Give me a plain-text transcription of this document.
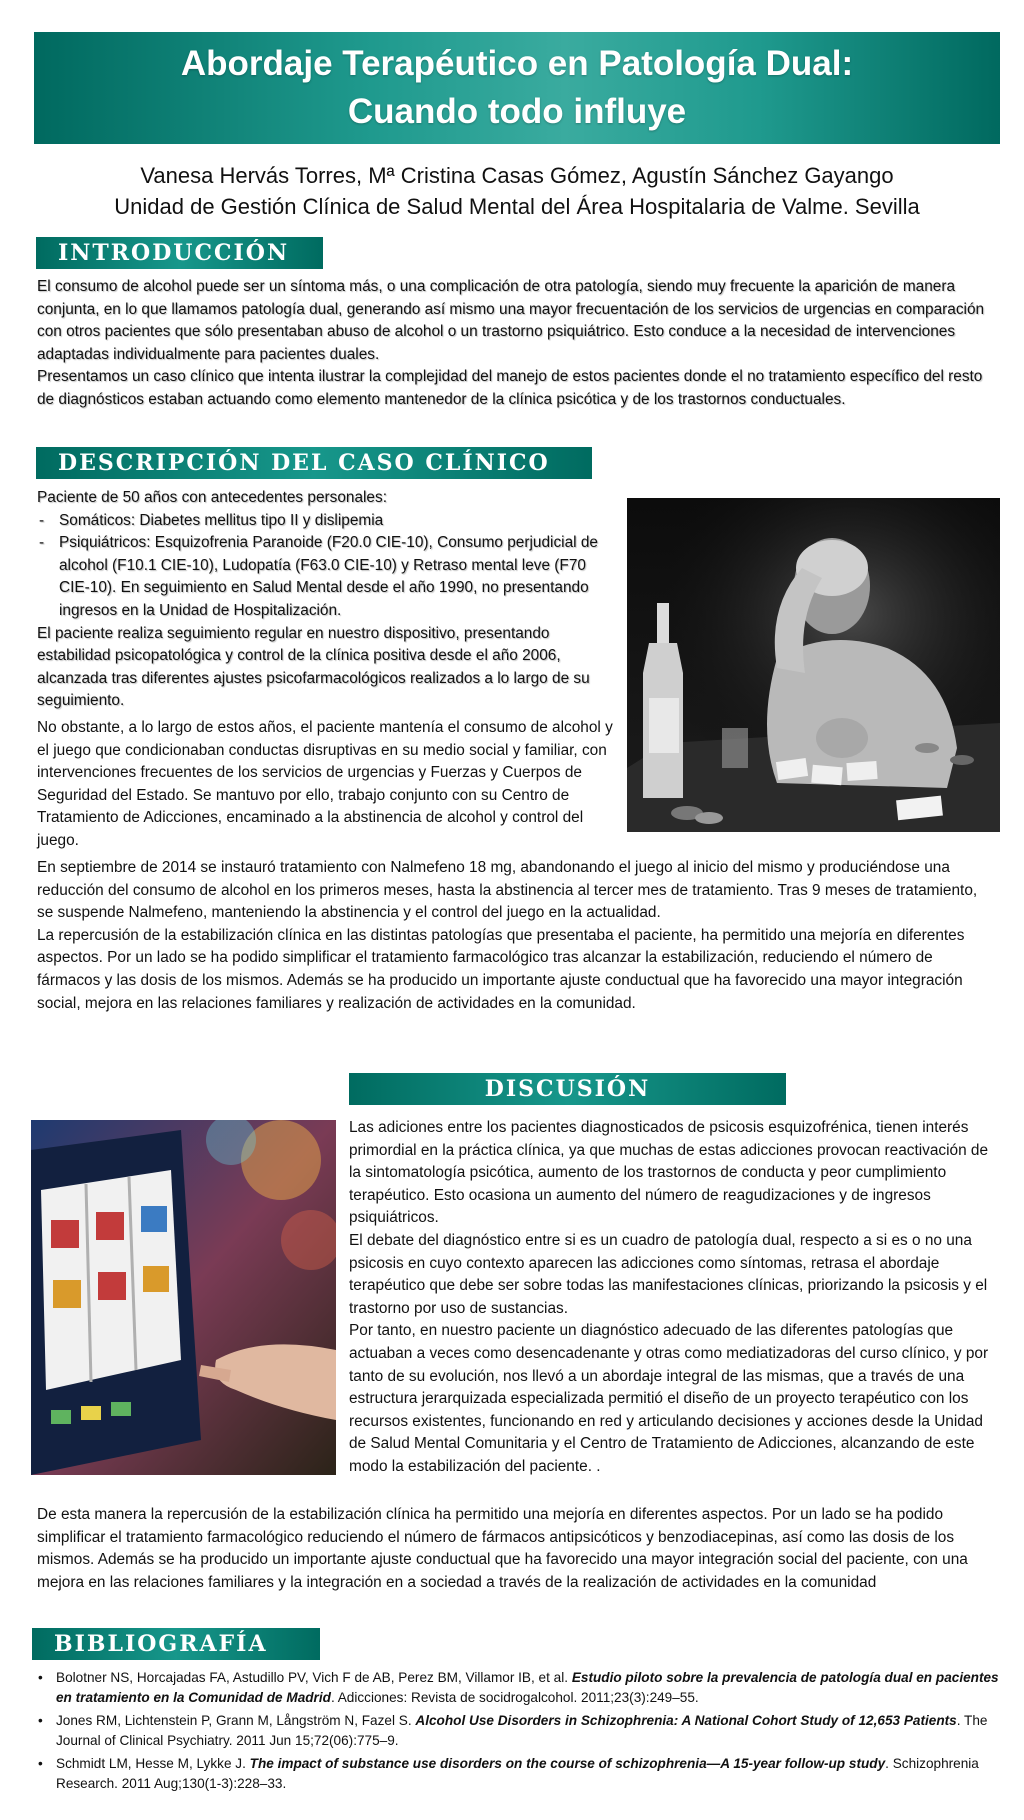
Abordaje Terapéutico en Patología Dual:
Cuando todo influye
Vanesa Hervás Torres, Mª Cristina Casas Gómez, Agustín Sánchez Gayango
Unidad de Gestión Clínica de Salud Mental del Área Hospitalaria de Valme. Sevilla
INTRODUCCIÓN

El consumo de alcohol puede ser un síntoma más, o una complicación de otra patología, siendo muy frecuente la aparición de manera conjunta, en lo que llamamos patología dual, generando así mismo una mayor frecuentación de los servicios de urgencias en comparación con otros pacientes que sólo presentaban abuso de alcohol o un trastorno psiquiátrico. Esto conduce a la necesidad de intervenciones adaptadas individualmente para pacientes duales.

Presentamos un caso clínico que intenta ilustrar la complejidad del manejo de estos pacientes donde el no tratamiento específico del resto de diagnósticos estaban actuando como elemento mantenedor de la clínica psicótica y de los trastornos conductuales.

DESCRIPCIÓN DEL CASO CLÍNICO

Paciente de 50 años con antecedentes personales:

- Somáticos: Diabetes mellitus tipo II y dislipemia
- Psiquiátricos: Esquizofrenia Paranoide (F20.0 CIE-10), Consumo perjudicial de alcohol (F10.1 CIE-10), Ludopatía (F63.0 CIE-10) y Retraso mental leve (F70 CIE-10). En seguimiento en Salud Mental desde el año 1990, no presentando ingresos en la Unidad de Hospitalización.

El paciente realiza seguimiento regular en nuestro dispositivo, presentando estabilidad psicopatológica y control de la clínica positiva desde el año 2006, alcanzada tras diferentes ajustes psicofarmacológicos realizados a lo largo de su seguimiento.

No obstante, a lo largo de estos años, el paciente mantenía el consumo de alcohol y el juego que condicionaban conductas disruptivas en su medio social y familiar, con intervenciones frecuentes de los servicios de urgencias y Fuerzas y Cuerpos de Seguridad del Estado. Se mantuvo por ello, trabajo conjunto con su Centro de Tratamiento de Adicciones, encaminado a la abstinencia de alcohol y control del juego.

En septiembre de 2014 se instauró tratamiento con Nalmefeno 18 mg, abandonando el juego al inicio del mismo y produciéndose una reducción del consumo de alcohol en los primeros meses, hasta la abstinencia al tercer mes de tratamiento. Tras 9 meses de tratamiento, se suspende Nalmefeno, manteniendo la abstinencia y el control del juego en la actualidad.

La repercusión de la estabilización clínica en las distintas patologías que presentaba el paciente, ha permitido una mejoría en diferentes aspectos. Por un lado se ha podido simplificar el tratamiento farmacológico tras alcanzar la estabilización, reduciendo el número de fármacos y las dosis de los mismos. Además se ha producido un importante ajuste conductual que ha favorecido una mayor integración social, mejora en las relaciones familiares y realización de actividades en la comunidad.

DISCUSIÓN

Las adiciones entre los pacientes diagnosticados de psicosis esquizofrénica, tienen interés primordial en la práctica clínica, ya que muchas de estas adicciones provocan reactivación de la sintomatología psicótica, aumento de los trastornos de conducta y peor cumplimiento terapéutico. Esto ocasiona un aumento del número de reagudizaciones y de ingresos psiquiátricos.

El debate del diagnóstico entre si es un cuadro de patología dual, respecto a si es o no una psicosis en cuyo contexto aparecen las adicciones como síntomas, retrasa el abordaje terapéutico que debe ser sobre todas las manifestaciones clínicas, priorizando la psicosis y el trastorno por uso de sustancias.

Por tanto, en nuestro paciente un diagnóstico adecuado de las diferentes patologías que actuaban a veces como desencadenante y otras como mediatizadoras del curso clínico, y por tanto de su evolución, nos llevó a un abordaje integral de las mismas, que a través de una estructura jerarquizada especializada permitió el diseño de un proyecto terapéutico con los recursos existentes, funcionando en red y articulando decisiones y acciones desde la Unidad de Salud Mental Comunitaria y el Centro de Tratamiento de Adicciones, alcanzando de este modo la estabilización del paciente. .

De esta manera la repercusión de la estabilización clínica ha permitido una mejoría en diferentes aspectos. Por un lado se ha podido simplificar el tratamiento farmacológico reduciendo el número de fármacos antipsicóticos y benzodiacepinas, así como las dosis de los mismos. Además se ha producido un importante ajuste conductual que ha favorecido una mayor integración social del paciente, con una mejora en las relaciones familiares y la integración en a sociedad a través de la realización de actividades en la comunidad

BIBLIOGRAFÍA
• Bolotner NS, Horcajadas FA, Astudillo PV, Vich F de AB, Perez BM, Villamor IB, et al. Estudio piloto sobre la prevalencia de patología dual en pacientes en tratamiento en la Comunidad de Madrid. Adicciones: Revista de socidrogalcohol. 2011;23(3):249–55.
• Jones RM, Lichtenstein P, Grann M, Långström N, Fazel S. Alcohol Use Disorders in Schizophrenia: A National Cohort Study of 12,653 Patients. The Journal of Clinical Psychiatry. 2011 Jun 15;72(06):775–9.
• Schmidt LM, Hesse M, Lykke J. The impact of substance use disorders on the course of schizophrenia—A 15-year follow-up study. Schizophrenia Research. 2011 Aug;130(1-3):228–33.
